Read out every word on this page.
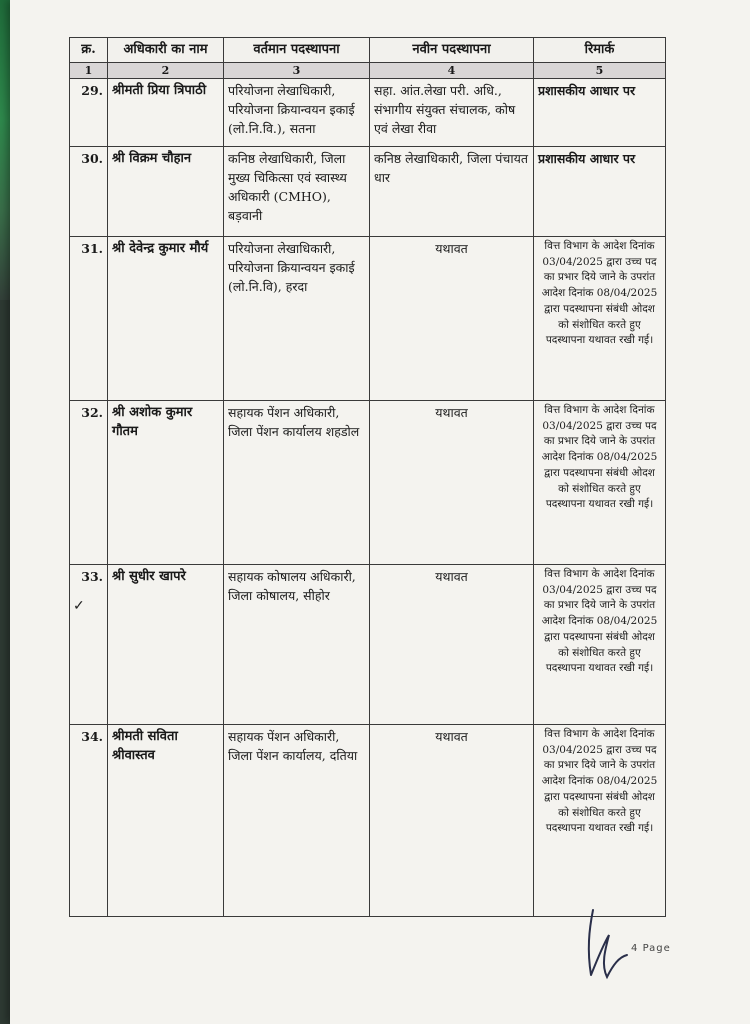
क्र.	अधिकारी का नाम	वर्तमान पदस्थापना	नवीन पदस्थापना	रिमार्क
1	2	3	4	5
29.	श्रीमती प्रिया त्रिपाठी	परियोजना लेखाधिकारी, परियोजना क्रियान्वयन इकाई (लो.नि.वि.), सतना	सहा. आंत.लेखा परी. अधि., संभागीय संयुक्त संचालक, कोष एवं लेखा रीवा	प्रशासकीय आधार पर
30.	श्री विक्रम चौहान	कनिष्ठ लेखाधिकारी, जिला मुख्य चिकित्सा एवं स्वास्थ्य अधिकारी (CMHO), बड़वानी	कनिष्ठ लेखाधिकारी, जिला पंचायत धार	प्रशासकीय आधार पर
31.	श्री देवेन्द्र कुमार मौर्य	परियोजना लेखाधिकारी, परियोजना क्रियान्वयन इकाई (लो.नि.वि), हरदा	यथावत	वित्त विभाग के आदेश दिनांक 03/04/2025 द्वारा उच्च पद का प्रभार दिये जाने के उपरांत आदेश दिनांक 08/04/2025 द्वारा पदस्थापना संबंधी ओदश को संशोधित करते हुए पदस्थापना यथावत रखी गई।
32.	श्री अशोक कुमार गौतम	सहायक पेंशन अधिकारी, जिला पेंशन कार्यालय शहडोल	यथावत	वित्त विभाग के आदेश दिनांक 03/04/2025 द्वारा उच्च पद का प्रभार दिये जाने के उपरांत आदेश दिनांक 08/04/2025 द्वारा पदस्थापना संबंधी ओदश को संशोधित करते हुए पदस्थापना यथावत रखी गई।
33.	श्री सुधीर खापरे	सहायक कोषालय अधिकारी, जिला कोषालय, सीहोर	यथावत	वित्त विभाग के आदेश दिनांक 03/04/2025 द्वारा उच्च पद का प्रभार दिये जाने के उपरांत आदेश दिनांक 08/04/2025 द्वारा पदस्थापना संबंधी ओदश को संशोधित करते हुए पदस्थापना यथावत रखी गई।
34.	श्रीमती सविता श्रीवास्तव	सहायक पेंशन अधिकारी, जिला पेंशन कार्यालय, दतिया	यथावत	वित्त विभाग के आदेश दिनांक 03/04/2025 द्वारा उच्च पद का प्रभार दिये जाने के उपरांत आदेश दिनांक 08/04/2025 द्वारा पदस्थापना संबंधी ओदश को संशोधित करते हुए पदस्थापना यथावत रखी गई।
✓
4 Page
